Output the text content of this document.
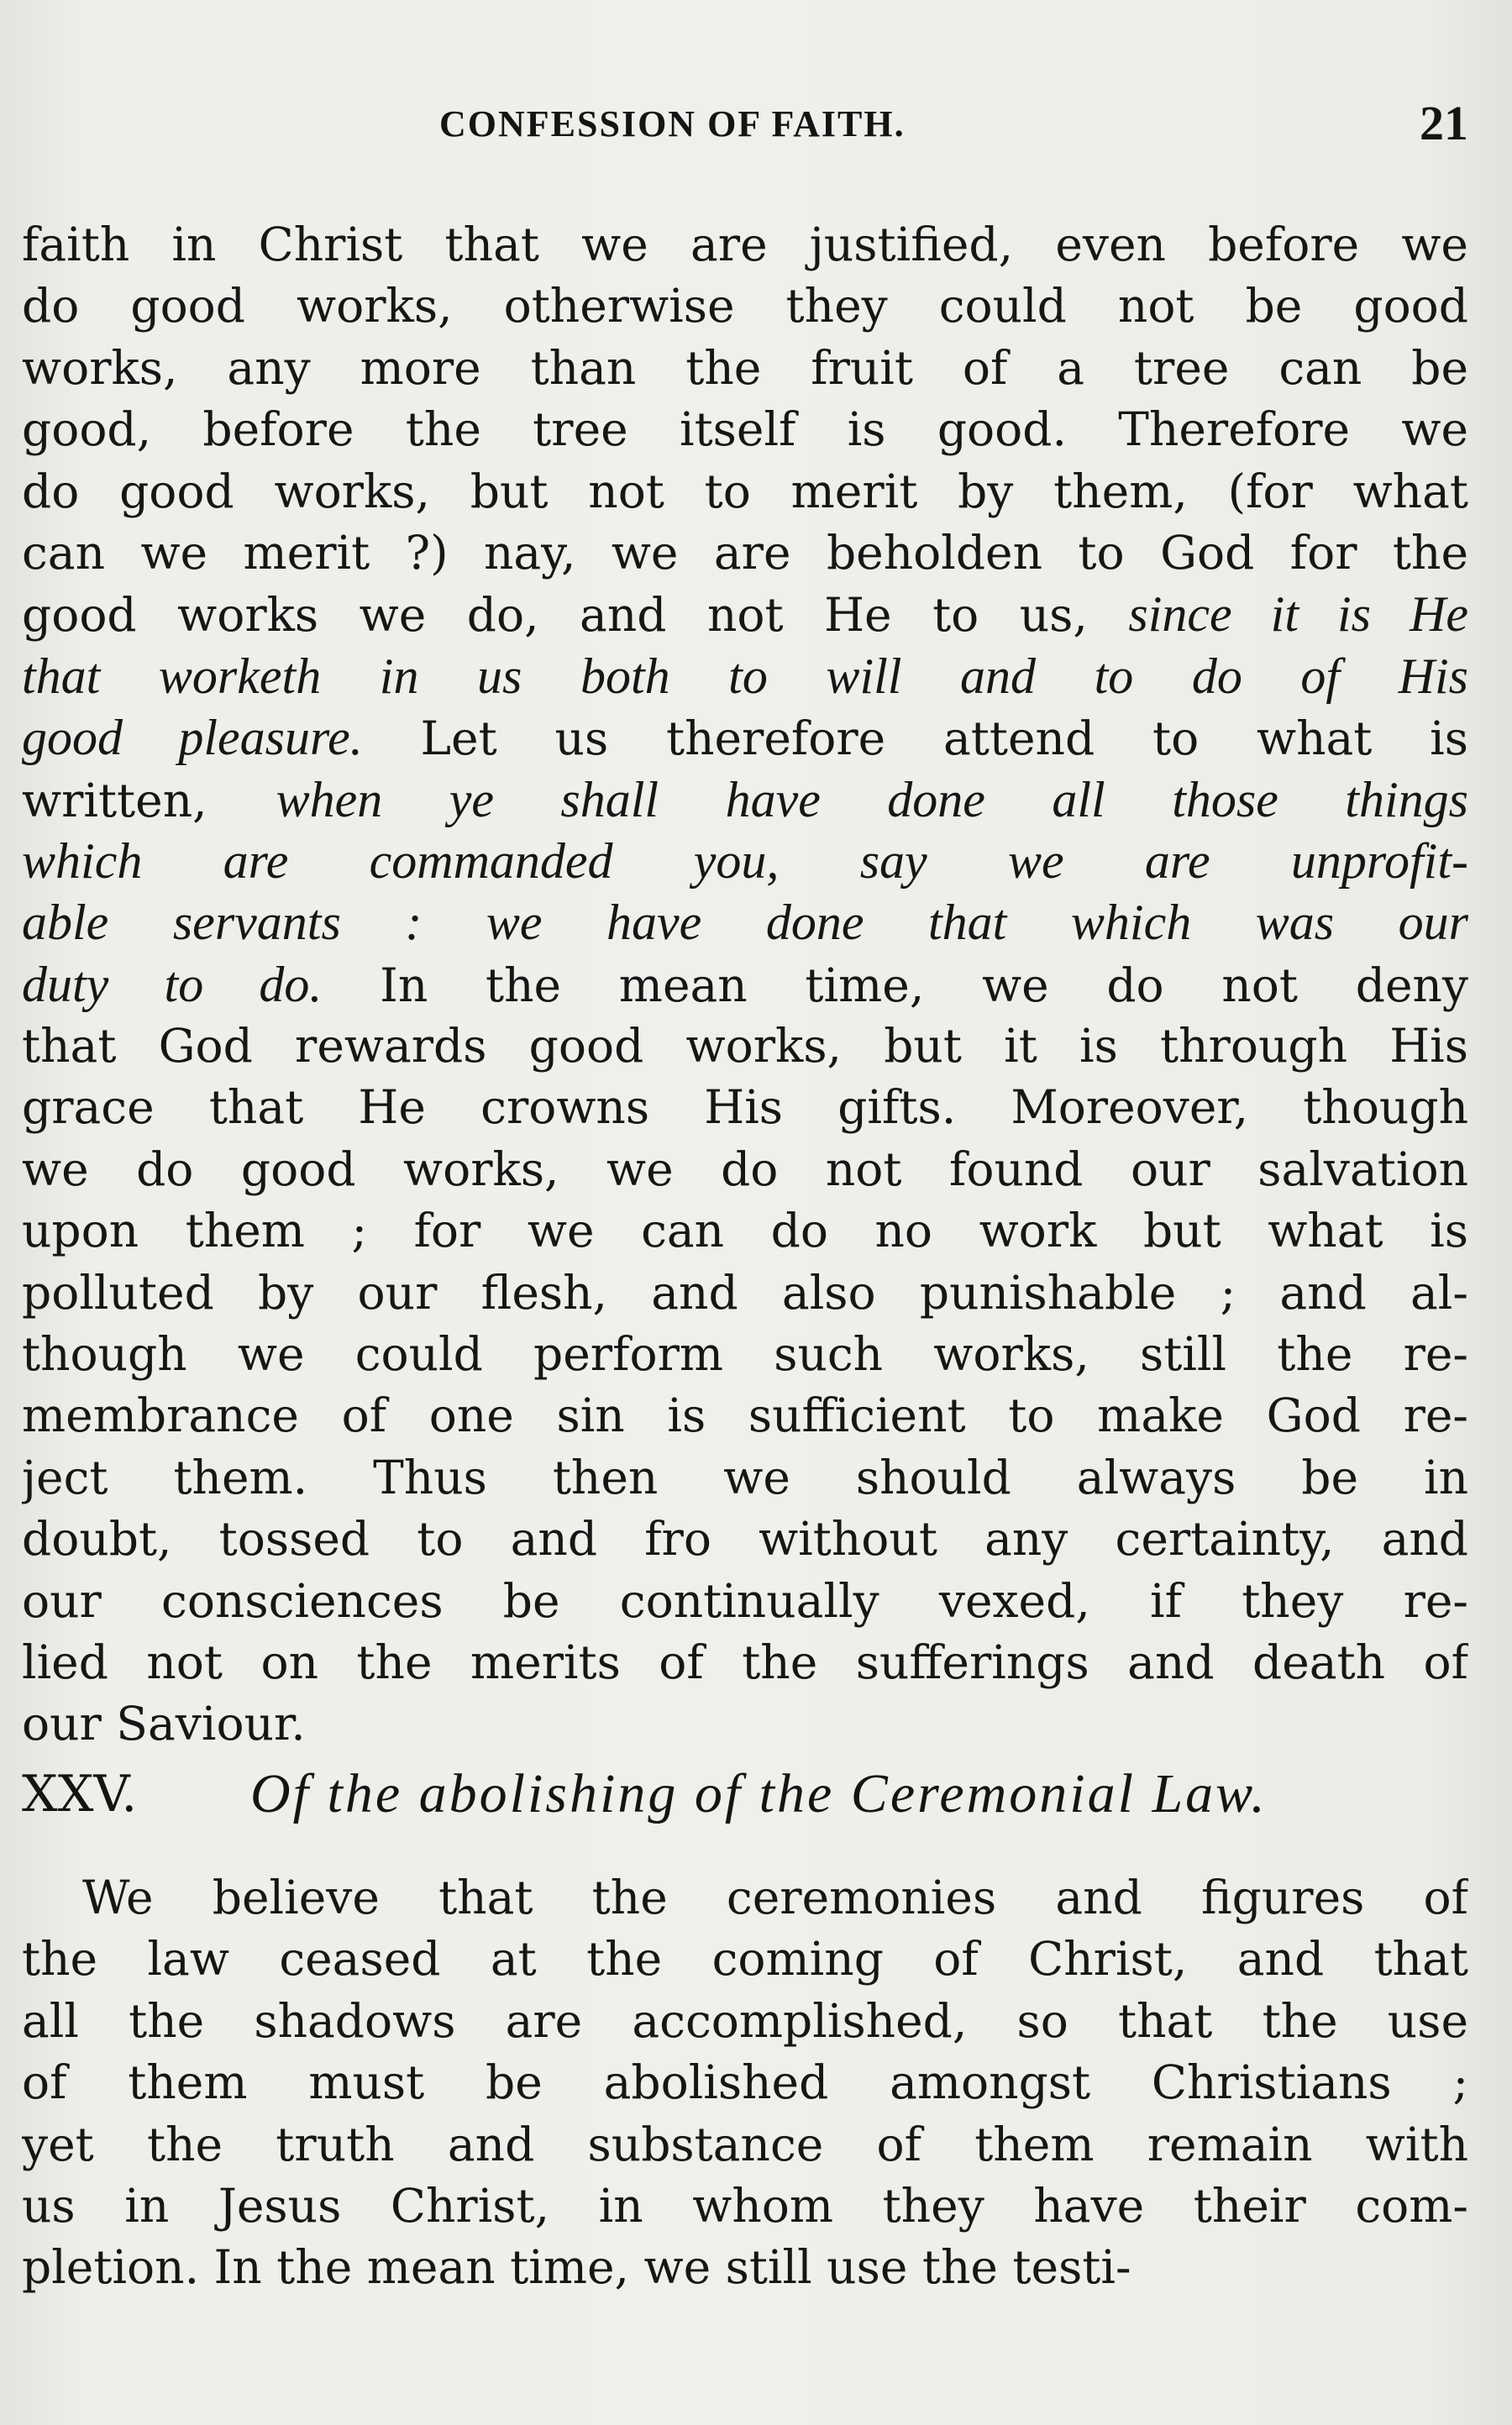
CONFESSION OF FAITH.	21
faith in Christ that we are justified, even before we
do good works, otherwise they could not be good
works, any more than the fruit of a tree can be
good, before the tree itself is good. Therefore we
do good works, but not to merit by them, (for what
can we merit ?) nay, we are beholden to God for the
good works we do, and not He to us, since it is He
that worketh in us both to will and to do of His
good pleasure. Let us therefore attend to what is
written, when ye shall have done all those things
which are commanded you, say we are unprofit-
able servants : we have done that which was our
duty to do. In the mean time, we do not deny
that God rewards good works, but it is through His
grace that He crowns His gifts. Moreover, though
we do good works, we do not found our salvation
upon them ; for we can do no work but what is
polluted by our flesh, and also punishable ; and al-
though we could perform such works, still the re-
membrance of one sin is sufficient to make God re-
ject them. Thus then we should always be in
doubt, tossed to and fro without any certainty, and
our consciences be continually vexed, if they re-
lied not on the merits of the sufferings and death of
our Saviour.
XXV. Of the abolishing of the Ceremonial Law.
We believe that the ceremonies and figures of
the law ceased at the coming of Christ, and that
all the shadows are accomplished, so that the use
of them must be abolished amongst Christians ;
yet the truth and substance of them remain with
us in Jesus Christ, in whom they have their com-
pletion. In the mean time, we still use the testi-
